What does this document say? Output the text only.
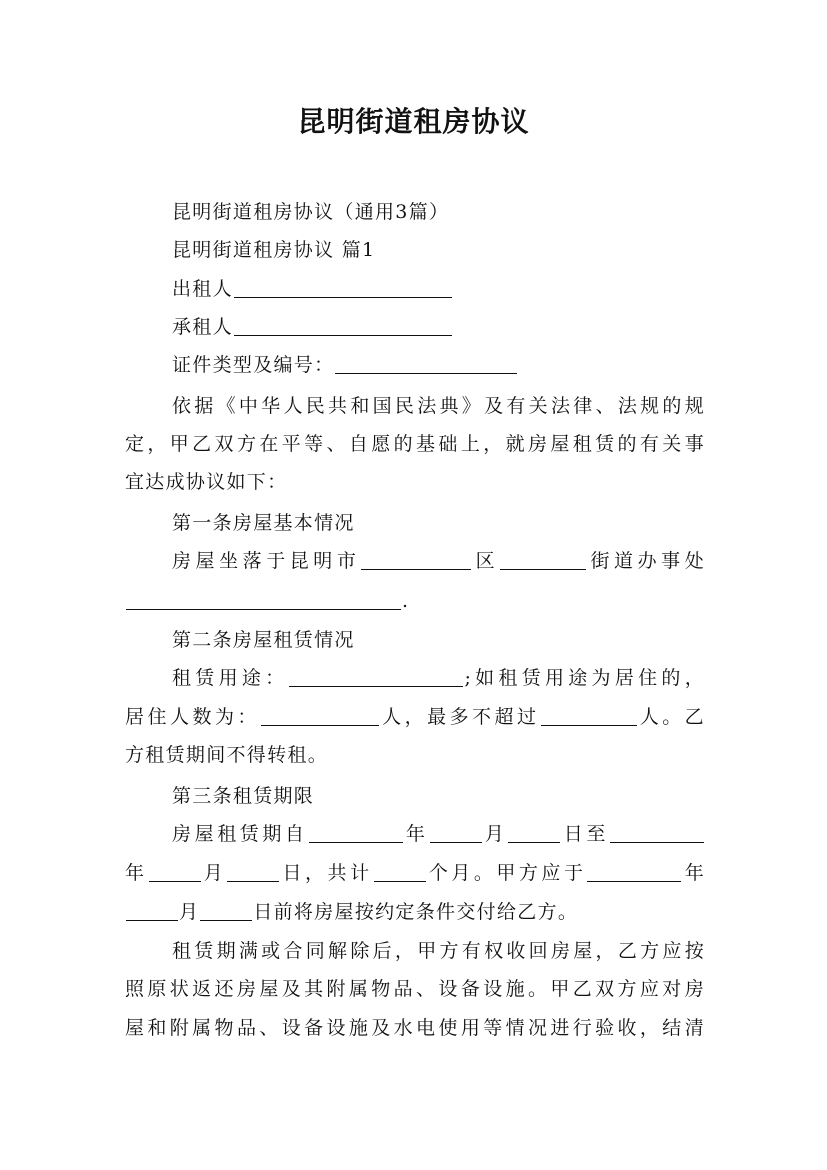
昆明街道租房协议
昆明街道租房协议（通用3篇）
昆明街道租房协议 篇1
出租人
承租人
证件类型及编号：
依据《中华人民共和国民法典》及有关法律、法规的规
定，甲乙双方在平等、自愿的基础上，就房屋租赁的有关事
宜达成协议如下：
第一条房屋基本情况
房屋坐落于昆明市	区	街道办事处
.
第二条房屋租赁情况
租赁用途：	;如租赁用途为居住的，
居住人数为：	人，最多不超过	人。乙
方租赁期间不得转租。
第三条租赁期限
房屋租赁期自	年	月	日至
年	月	日，共计	个月。甲方应于	年
月	日前将房屋按约定条件交付给乙方。
租赁期满或合同解除后，甲方有权收回房屋，乙方应按
照原状返还房屋及其附属物品、设备设施。甲乙双方应对房
屋和附属物品、设备设施及水电使用等情况进行验收，结清
